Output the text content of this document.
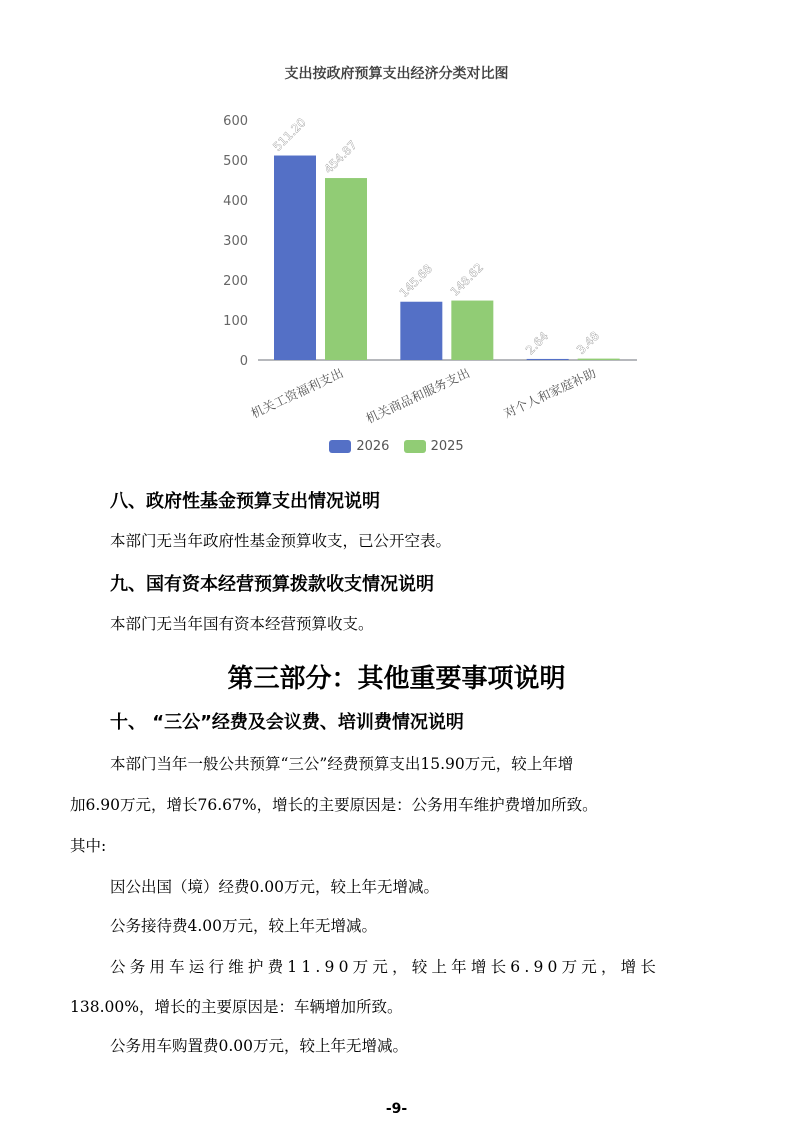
支出按政府预算支出经济分类对比图
0
100
200
300
400
500
600 511.20
454.87
145.68 148.62
2.64 3.48
机关工资福利支出 机关商品和服务支出 对个人和家庭补助
2026
	2025
八、政府性基金预算支出情况说明
本部门无当年政府性基金预算收支，已公开空表。
九、国有资本经营预算拨款收支情况说明
本部门无当年国有资本经营预算收支。
第三部分：其他重要事项说明
十、 “三公”经费及会议费、培训费情况说明
本部门当年一般公共预算“三公”经费预算支出15.90万元，较上年增
加6.90万元，增长76.67%，增长的主要原因是：公务用车维护费增加所致。
其中:
因公出国（境）经费0.00万元，较上年无增减。
公务接待费4.00万元，较上年无增减。
公务用车运行维护费11.90万元，较上年增长6.90万元，增长
138.00%，增长的主要原因是：车辆增加所致。
公务用车购置费0.00万元，较上年无增减。
-9-
